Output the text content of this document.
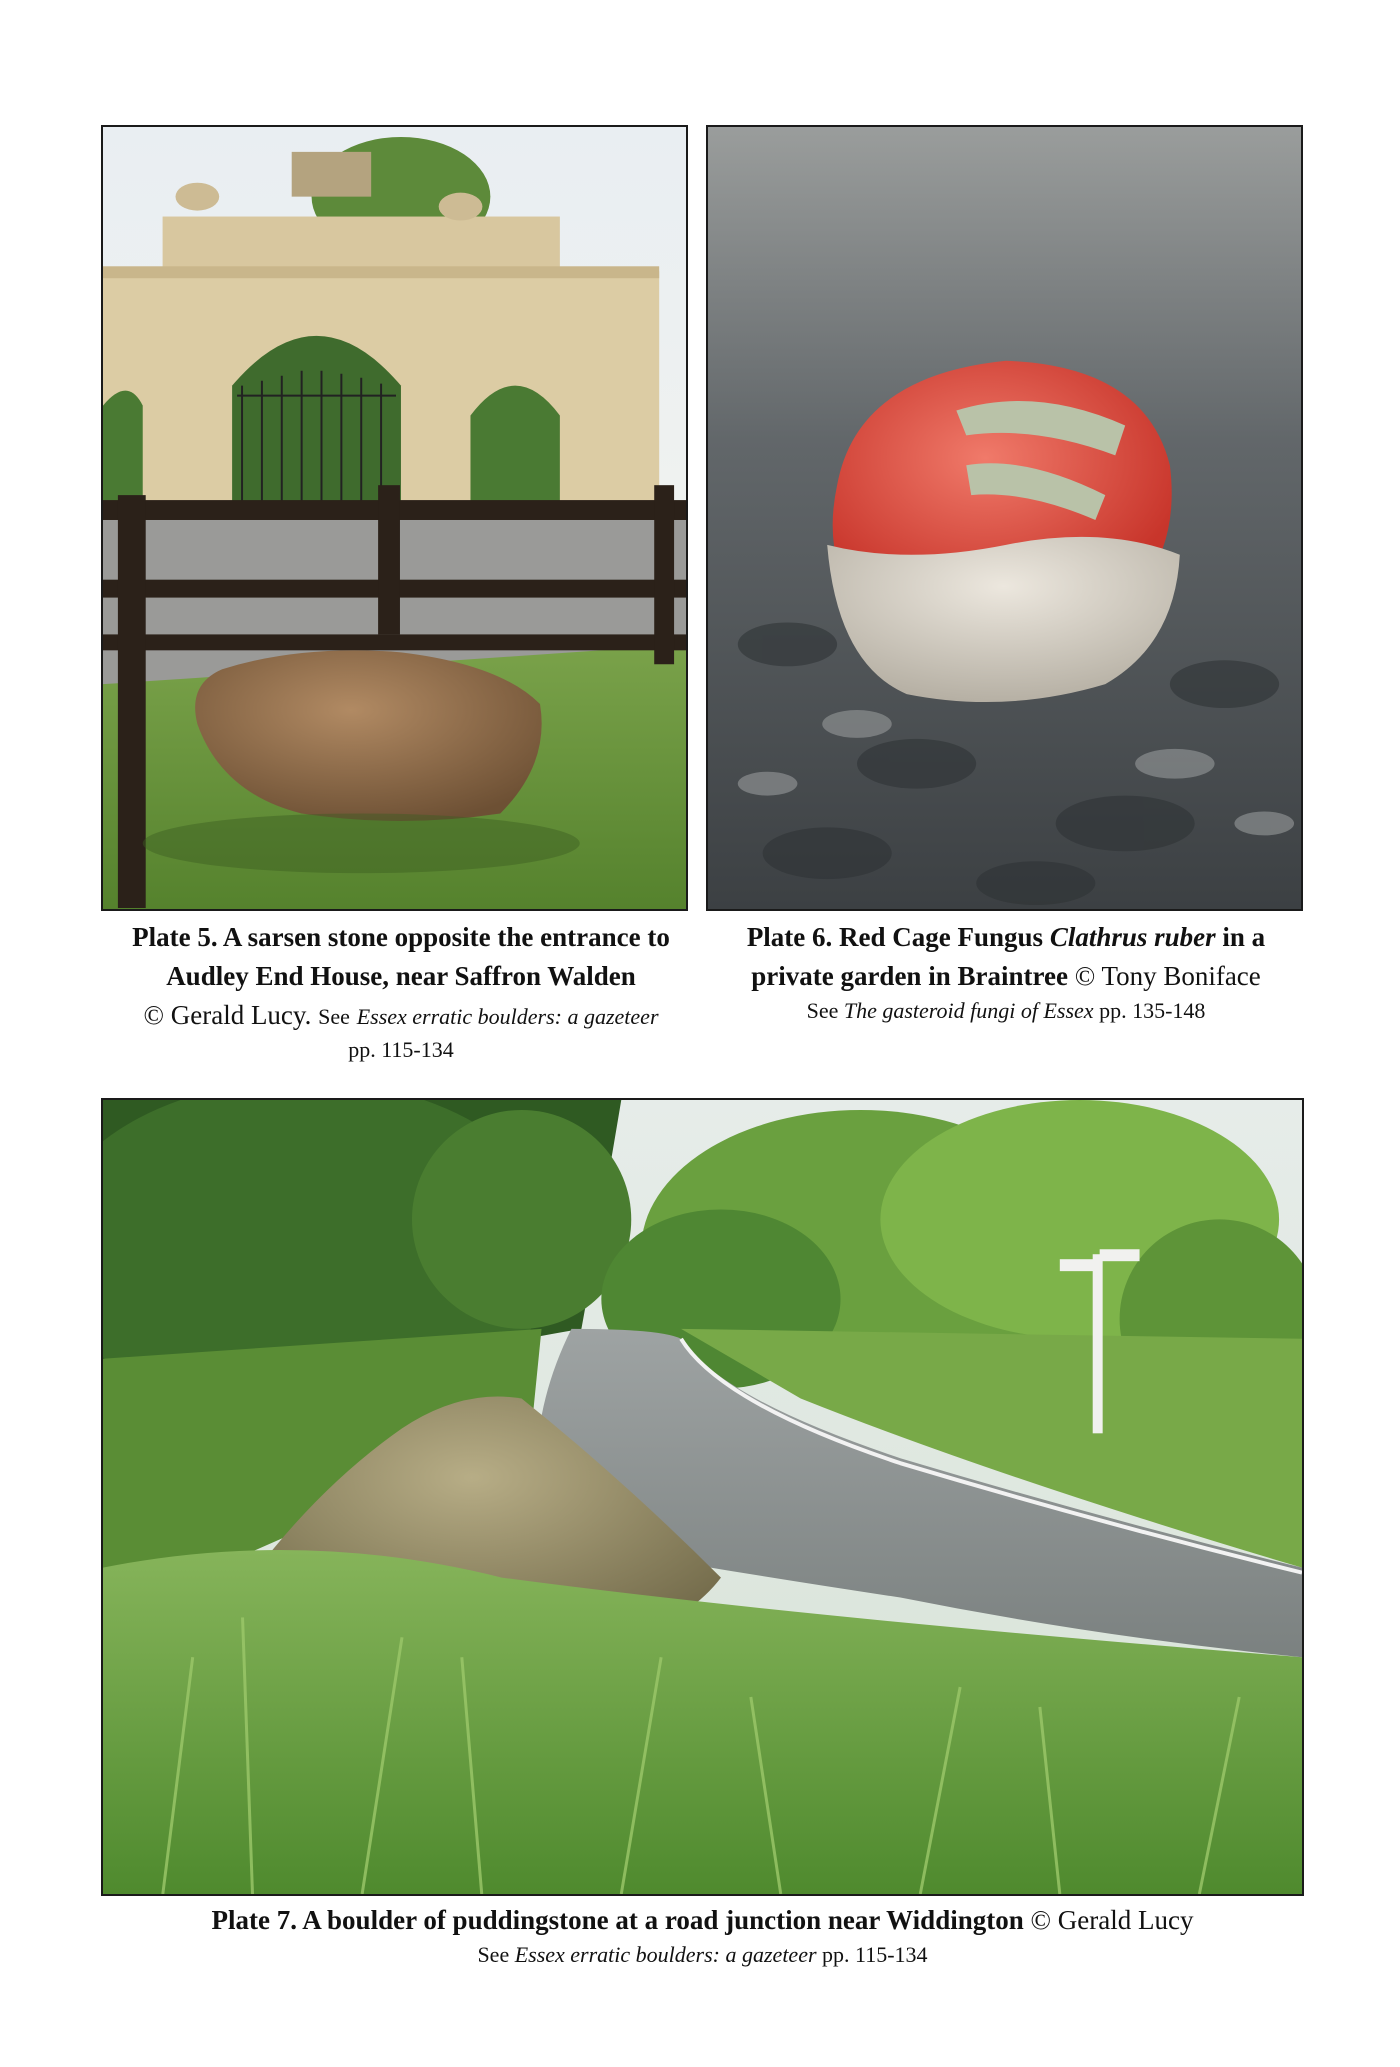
Plate 5. A sarsen stone opposite the entrance to
Audley End House, near Saffron Walden
© Gerald Lucy. See Essex erratic boulders: a gazeteer
pp. 115-134
Plate 6. Red Cage Fungus Clathrus ruber in a
private garden in Braintree © Tony Boniface
See The gasteroid fungi of Essex pp. 135-148
Plate 7. A boulder of puddingstone at a road junction near Widdington © Gerald Lucy
See Essex erratic boulders: a gazeteer pp. 115-134
